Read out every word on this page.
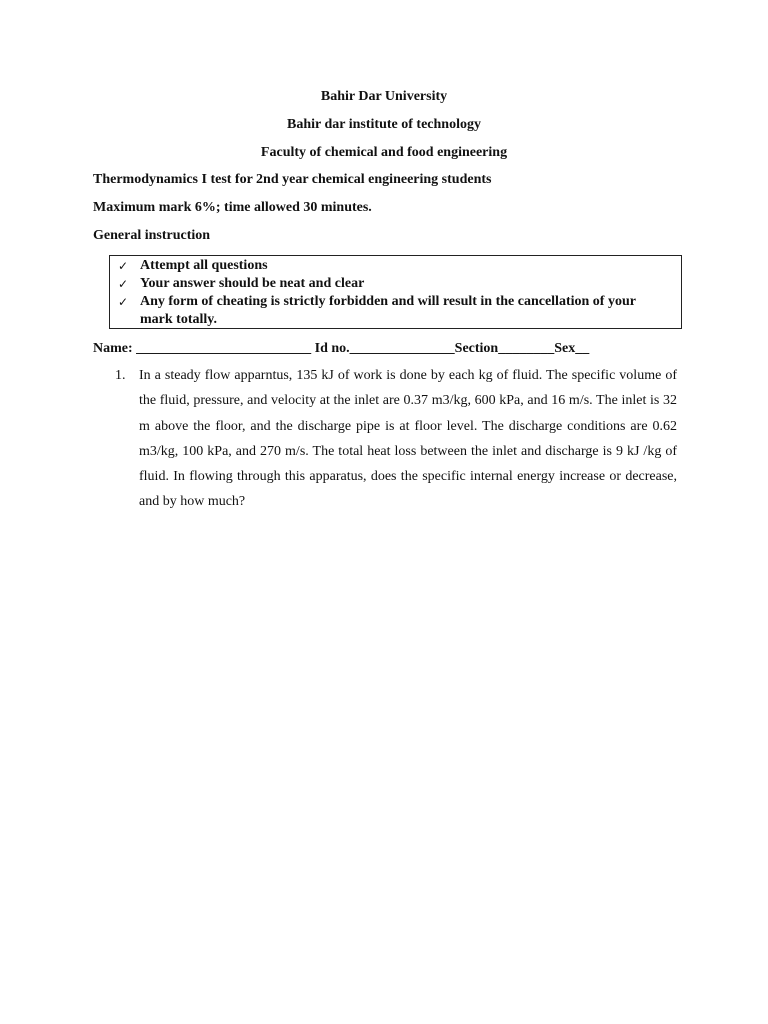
Bahir Dar University
Bahir dar institute of technology
Faculty of chemical and food engineering
Thermodynamics I test for 2nd year chemical engineering students
Maximum mark 6%; time allowed 30 minutes.
General instruction
✓ Attempt all questions
✓ Your answer should be neat and clear
✓ Any form of cheating is strictly forbidden and will result in the cancellation of your mark totally.
Name: _________________________ Id no._______________Section________Sex__
1. In a steady flow apparntus, 135 kJ of work is done by each kg of fluid. The specific volume of the fluid, pressure, and velocity at the inlet are 0.37 m3/kg, 600 kPa, and 16 m/s. The inlet is 32 m above the floor, and the discharge pipe is at floor level. The discharge conditions are 0.62 m3/kg, 100 kPa, and 270 m/s. The total heat loss between the inlet and discharge is 9 kJ /kg of fluid. In flowing through this apparatus, does the specific internal energy increase or decrease, and by how much?
